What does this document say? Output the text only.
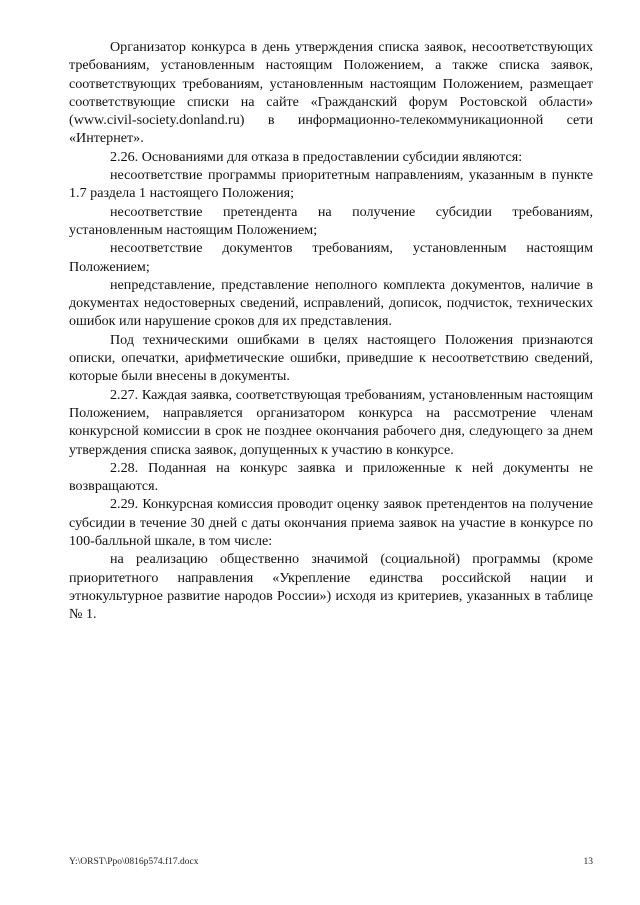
Организатор конкурса в день утверждения списка заявок, несоответствующих требованиям, установленным настоящим Положением, а также списка заявок, соответствующих требованиям, установленным настоящим Положением, размещает соответствующие списки на сайте «Гражданский форум Ростовской области» (www.civil-society.donland.ru) в информационно-телекоммуникационной сети «Интернет».

2.26. Основаниями для отказа в предоставлении субсидии являются:

несоответствие программы приоритетным направлениям, указанным в пункте 1.7 раздела 1 настоящего Положения;

несоответствие претендента на получение субсидии требованиям, установленным настоящим Положением;

несоответствие документов требованиям, установленным настоящим Положением;

непредставление, представление неполного комплекта документов, наличие в документах недостоверных сведений, исправлений, дописок, подчисток, технических ошибок или нарушение сроков для их представления.

Под техническими ошибками в целях настоящего Положения признаются описки, опечатки, арифметические ошибки, приведшие к несоответствию сведений, которые были внесены в документы.

2.27. Каждая заявка, соответствующая требованиям, установленным настоящим Положением, направляется организатором конкурса на рассмотрение членам конкурсной комиссии в срок не позднее окончания рабочего дня, следующего за днем утверждения списка заявок, допущенных к участию в конкурсе.

2.28. Поданная на конкурс заявка и приложенные к ней документы не возвращаются.

2.29. Конкурсная комиссия проводит оценку заявок претендентов на получение субсидии в течение 30 дней с даты окончания приема заявок на участие в конкурсе по 100-балльной шкале, в том числе:

на реализацию общественно значимой (социальной) программы (кроме приоритетного направления «Укрепление единства российской нации и этнокультурное развитие народов России») исходя из критериев, указанных в таблице № 1.

Y:\ORST\Ppo\0816p574.f17.docx	13
